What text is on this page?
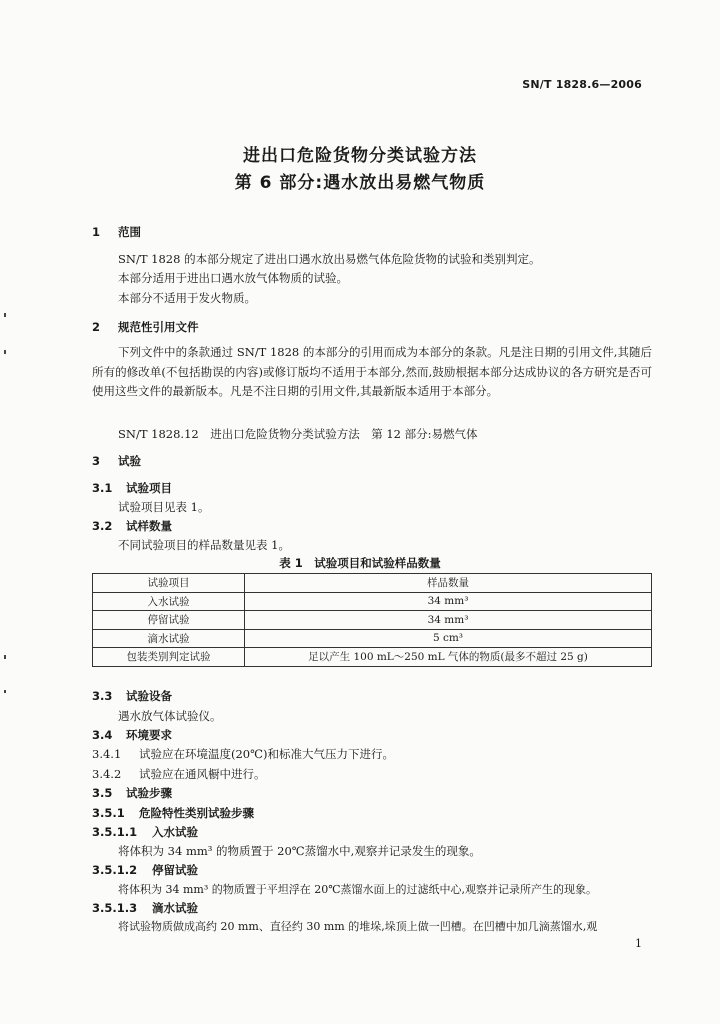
SN/T 1828.6—2006
进出口危险货物分类试验方法
第 6 部分:遇水放出易燃气物质
1 范围
SN/T 1828 的本部分规定了进出口遇水放出易燃气体危险货物的试验和类别判定。
本部分适用于进出口遇水放气体物质的试验。
本部分不适用于发火物质。
2 规范性引用文件
下列文件中的条款通过 SN/T 1828 的本部分的引用而成为本部分的条款。凡是注日期的引用文件,其随后所有的修改单(不包括勘误的内容)或修订版均不适用于本部分,然而,鼓励根据本部分达成协议的各方研究是否可使用这些文件的最新版本。凡是不注日期的引用文件,其最新版本适用于本部分。
SN/T 1828.12　进出口危险货物分类试验方法　第 12 部分:易燃气体
3 试验
3.1 试验项目
试验项目见表 1。
3.2 试样数量
不同试验项目的样品数量见表 1。
表 1　试验项目和试验样品数量
试验项目	样品数量
入水试验	34 mm³
停留试验	34 mm³
滴水试验	5 cm³
包装类别判定试验	足以产生 100 mL～250 mL 气体的物质(最多不超过 25 g)
3.3 试验设备
遇水放气体试验仪。
3.4 环境要求
3.4.1 试验应在环境温度(20℃)和标准大气压力下进行。
3.4.2 试验应在通风橱中进行。
3.5 试验步骤
3.5.1 危险特性类别试验步骤
3.5.1.1 入水试验
将体积为 34 mm³ 的物质置于 20℃蒸馏水中,观察并记录发生的现象。
3.5.1.2 停留试验
将体积为 34 mm³ 的物质置于平坦浮在 20℃蒸馏水面上的过滤纸中心,观察并记录所产生的现象。
3.5.1.3 滴水试验
将试验物质做成高约 20 mm、直径约 30 mm 的堆垛,垛顶上做一凹槽。在凹槽中加几滴蒸馏水,观
1
